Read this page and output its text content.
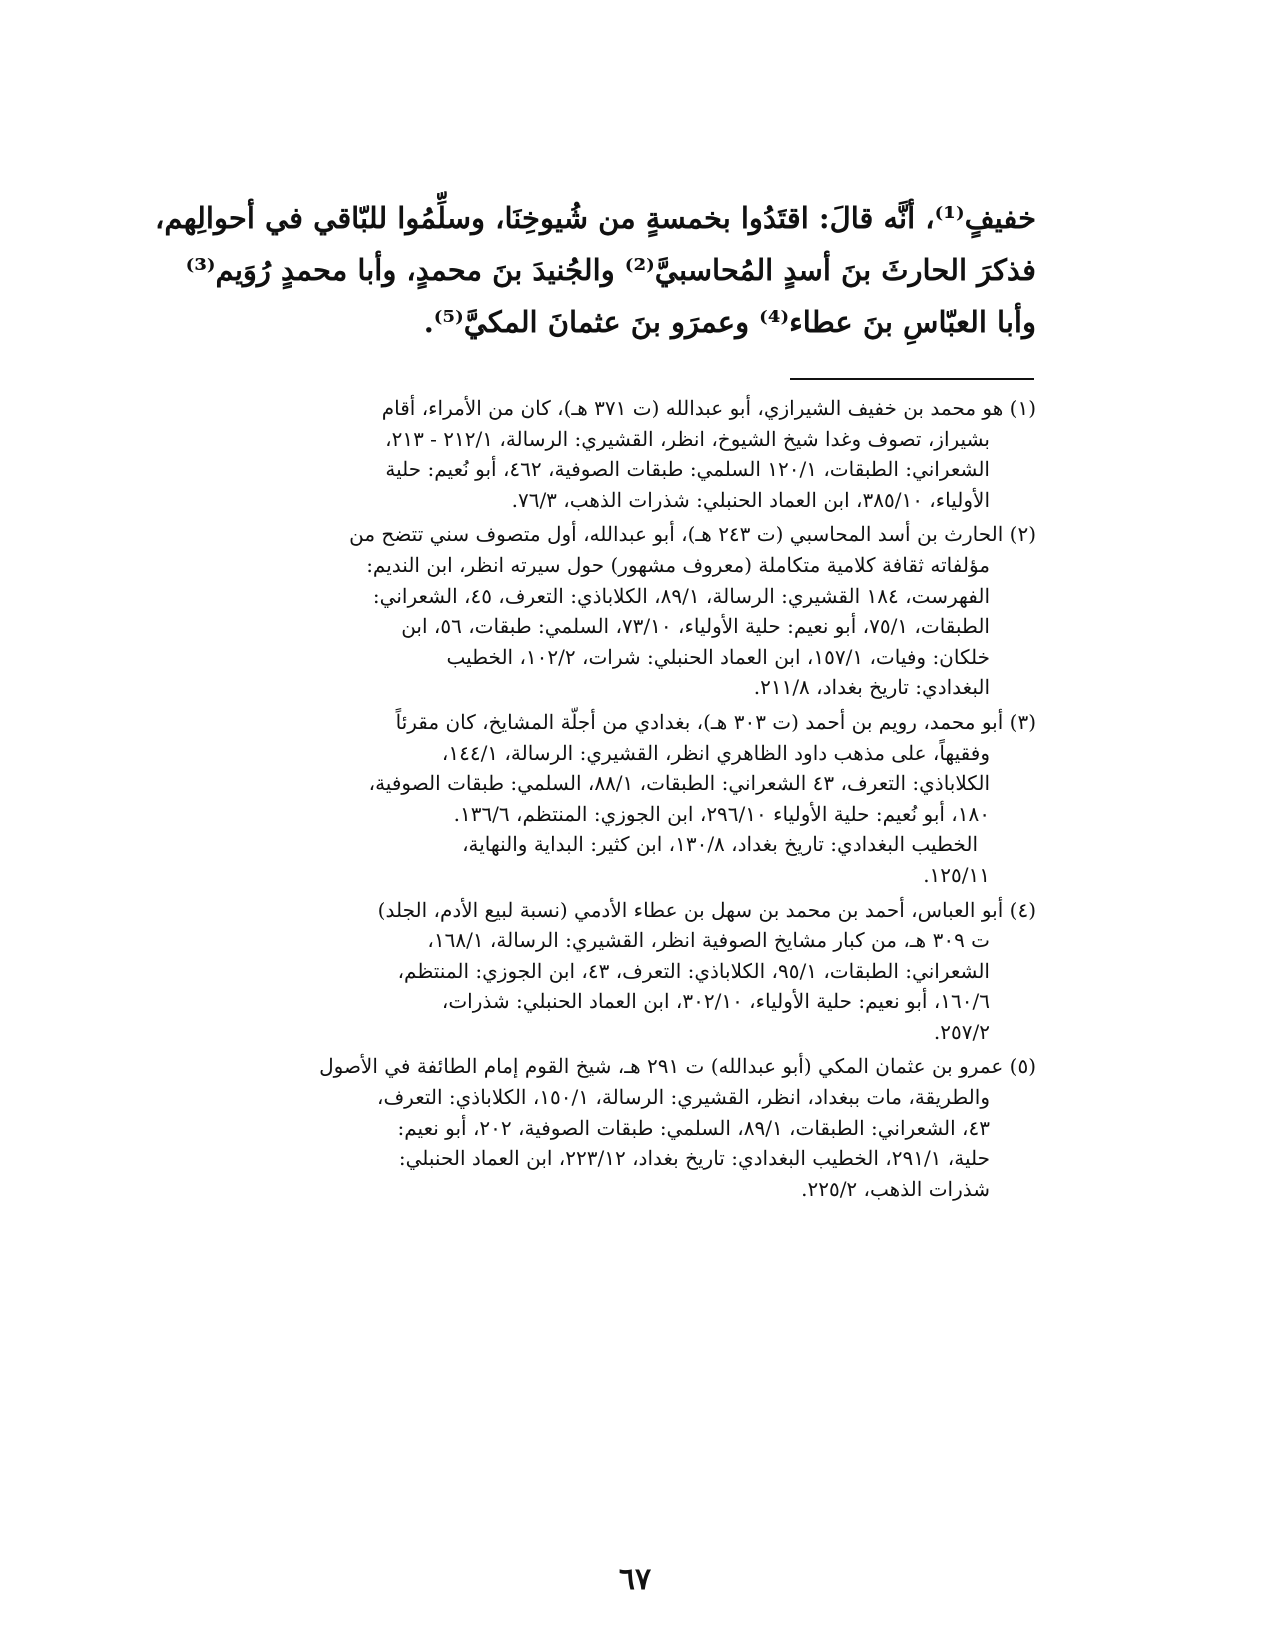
خفيفٍ⁽¹⁾، أنَّه قالَ: اقتَدُوا بخمسةٍ من شُيوخِنَا، وسلِّمُوا للبّاقي في أحوالِهم،
فذكرَ الحارثَ بنَ أسدٍ المُحاسبيَّ⁽²⁾ والجُنيدَ بنَ محمدٍ، وأبا محمدٍ رُوَيم⁽³⁾
وأبا العبّاسِ بنَ عطاء⁽⁴⁾ وعمرَو بنَ عثمانَ المكيَّ⁽⁵⁾.
(١) هو محمد بن خفيف الشيرازي، أبو عبدالله (ت ٣٧١ هـ)، كان من الأمراء، أقام
بشيراز، تصوف وغدا شيخ الشيوخ، انظر، القشيري: الرسالة، ٢١٢/١ - ٢١٣،
الشعراني: الطبقات، ١٢٠/١ السلمي: طبقات الصوفية، ٤٦٢، أبو نُعيم: حلية
الأولياء، ٣٨٥/١٠، ابن العماد الحنبلي: شذرات الذهب، ٧٦/٣.
(٢) الحارث بن أسد المحاسبي (ت ٢٤٣ هـ)، أبو عبدالله، أول متصوف سني تتضح من
مؤلفاته ثقافة كلامية متكاملة (معروف مشهور) حول سيرته انظر، ابن النديم:
الفهرست، ١٨٤ القشيري: الرسالة، ٨٩/١، الكلاباذي: التعرف، ٤٥، الشعراني:
الطبقات، ٧٥/١، أبو نعيم: حلية الأولياء، ٧٣/١٠، السلمي: طبقات، ٥٦، ابن
خلكان: وفيات، ١٥٧/١، ابن العماد الحنبلي: شرات، ١٠٢/٢، الخطيب
البغدادي: تاريخ بغداد، ٢١١/٨.
(٣) أبو محمد، رويم بن أحمد (ت ٣٠٣ هـ)، بغدادي من أجلّة المشايخ، كان مقرئاً
وفقيهاً، على مذهب داود الظاهري انظر، القشيري: الرسالة، ١٤٤/١،
الكلاباذي: التعرف، ٤٣ الشعراني: الطبقات، ٨٨/١، السلمي: طبقات الصوفية،
١٨٠، أبو نُعيم: حلية الأولياء ٢٩٦/١٠، ابن الجوزي: المنتظم، ١٣٦/٦.
الخطيب البغدادي: تاريخ بغداد، ١٣٠/٨، ابن كثير: البداية والنهاية،
١٢٥/١١.
(٤) أبو العباس، أحمد بن محمد بن سهل بن عطاء الأدمي (نسبة لبيع الأدم، الجلد)
ت ٣٠٩ هـ، من كبار مشايخ الصوفية انظر، القشيري: الرسالة، ١٦٨/١،
الشعراني: الطبقات، ٩٥/١، الكلاباذي: التعرف، ٤٣، ابن الجوزي: المنتظم،
١٦٠/٦، أبو نعيم: حلية الأولياء، ٣٠٢/١٠، ابن العماد الحنبلي: شذرات،
٢٥٧/٢.
(٥) عمرو بن عثمان المكي (أبو عبدالله) ت ٢٩١ هـ، شيخ القوم إمام الطائفة في الأصول
والطريقة، مات ببغداد، انظر، القشيري: الرسالة، ١٥٠/١، الكلاباذي: التعرف،
٤٣، الشعراني: الطبقات، ٨٩/١، السلمي: طبقات الصوفية، ٢٠٢، أبو نعيم:
حلية، ٢٩١/١، الخطيب البغدادي: تاريخ بغداد، ٢٢٣/١٢، ابن العماد الحنبلي:
شذرات الذهب، ٢٢٥/٢.
٦٧
